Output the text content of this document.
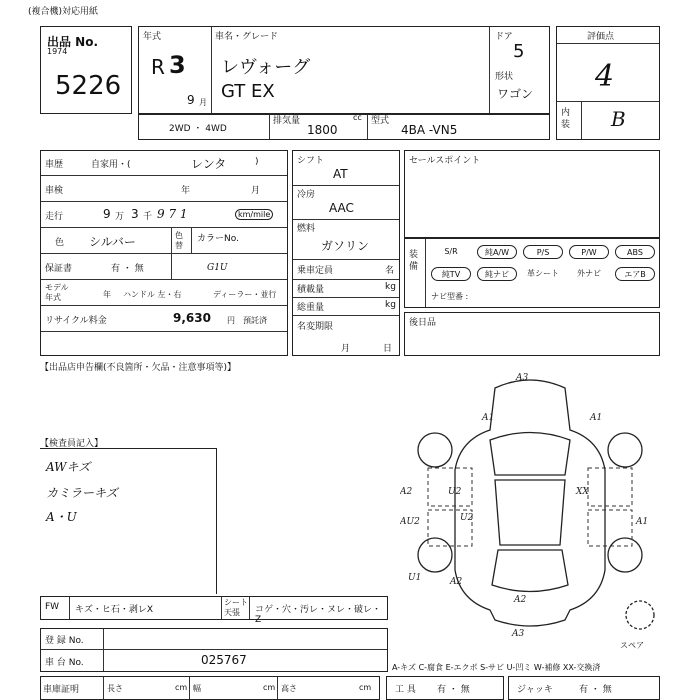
(複合機)対応用紙
出品 No.
1974
5226
年式
R 3
9 月
車名・グレード
レヴォーグ
GT EX
ドア
5
形状
ワゴン
2WD ・ 4WD
排気量	cc
1800
型式
4BA -VN5
評価点
4
内装 B
車歴	自家用・(	レンタ	)
車検	年	月
走行	9 万 3 千 9 7 1	km/mile
色 シルバー	色替
カラーNo.
保証書	有 ・ 無	G1U
モデル 年式	年 ハンドル 左・右	ディーラー・並行
リサイクル料金	9,630 円 預託済
シフト
AT
冷房
AAC
燃料
ガソリン
乗車定員	名
積載量	kg
総重量	kg
名変期限
月	日
セールスポイント
装備
S/R	純A/W	P/S	P/W	ABS
純TV	純ナビ	革シート	外ナビ	エアB
ナビ型番 :
後日品
【出品店申告欄(不良箇所・欠品・注意事項等)】
【検査員記入】
AWキズ
カミラーキズ
A・U
A3
A1	A1
A2	U2	XX
AU2	U2	A1
U1	A2
A2
A3
スペア
FW キズ・ヒ石・剥レX
シート 天張	コゲ・穴・汚レ・ヌレ・破レ・Z
登 録 No.
車 台 No.	025767
A-キズ C-腐食 E-エクボ S-サビ U-凹ミ W-補修 XX-交換済
車庫証明	長さ	cm 幅	cm 高さ	cm	工 具 有 ・ 無	ジャッキ	有 ・ 無
